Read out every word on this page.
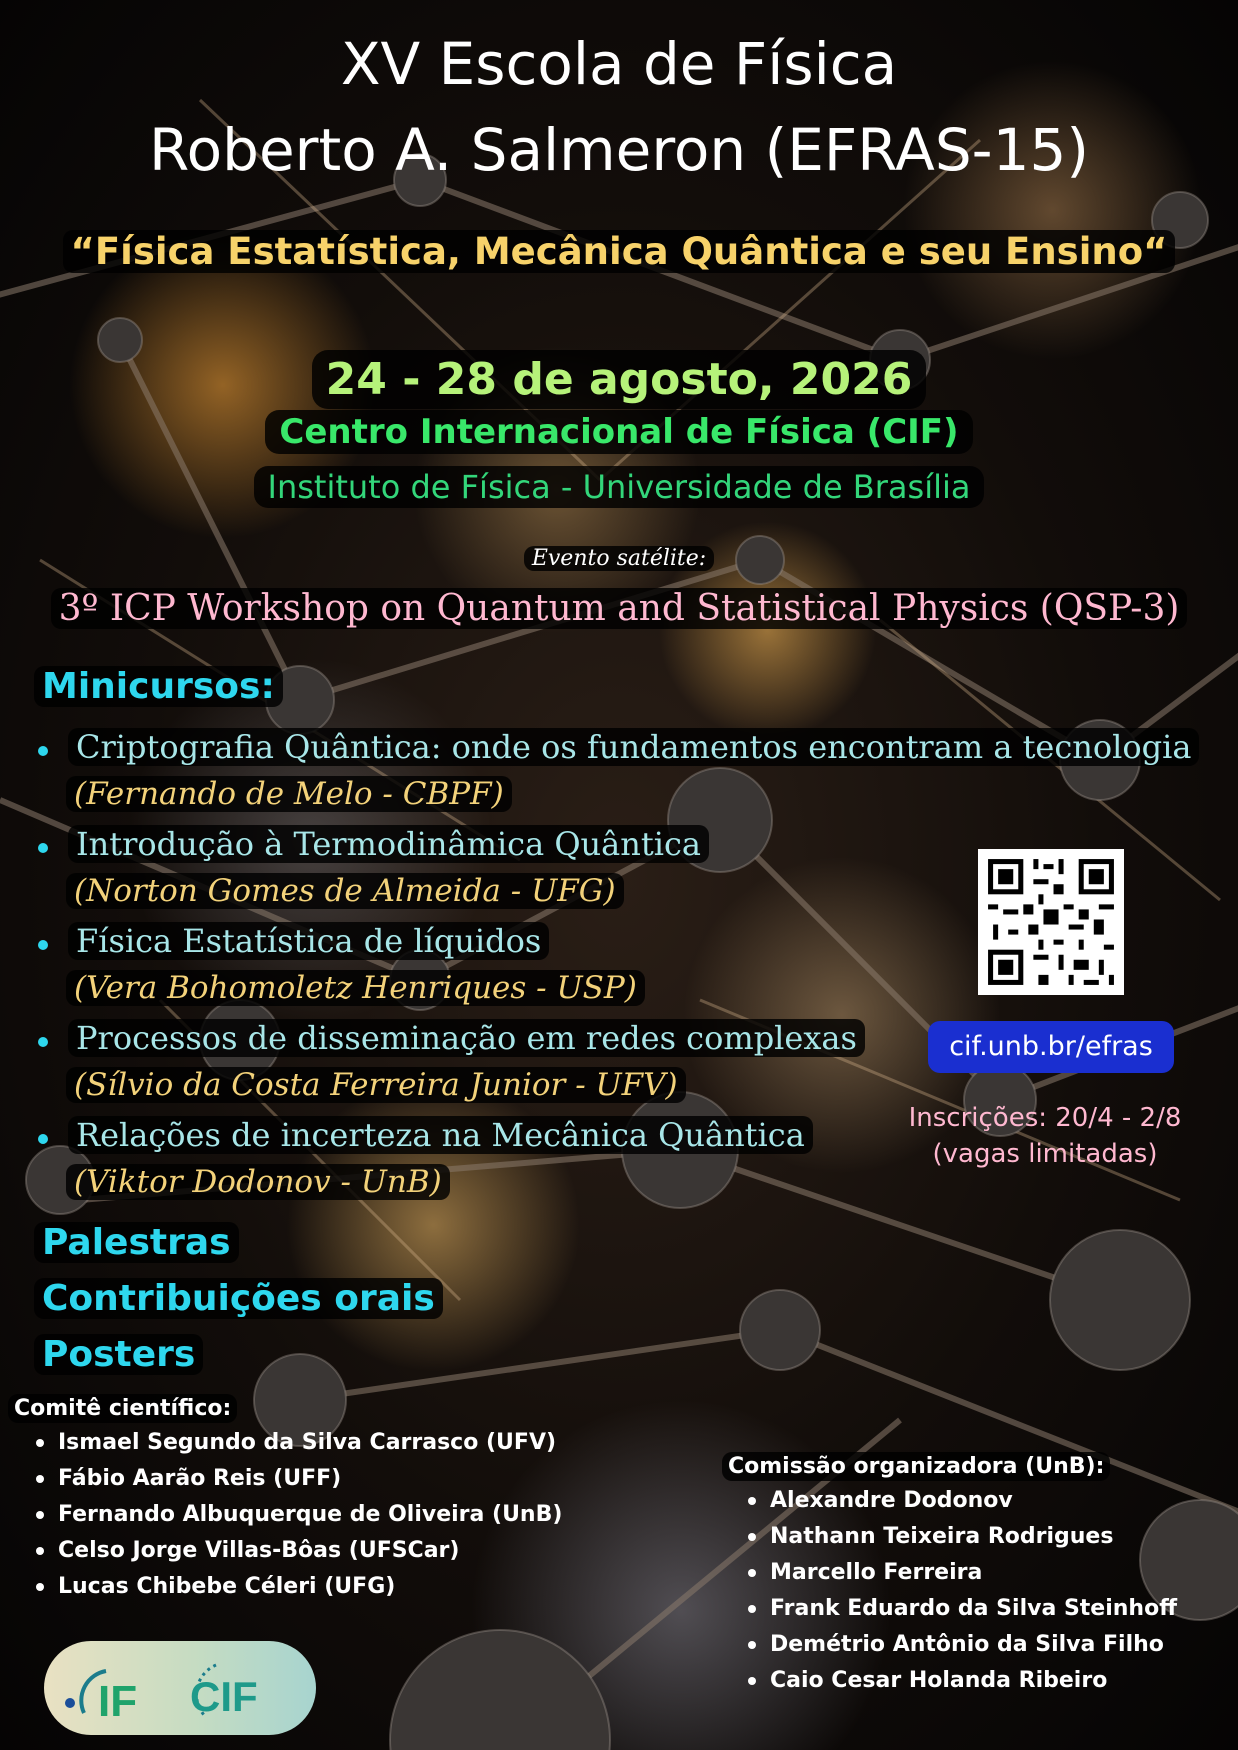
XV Escola de Física
Roberto A. Salmeron (EFRAS-15)
“Física Estatística, Mecânica Quântica e seu Ensino“
24 - 28 de agosto, 2026
Centro Internacional de Física (CIF)
Instituto de Física - Universidade de Brasília
Evento satélite:
3º ICP Workshop on Quantum and Statistical Physics (QSP-3)
Minicursos:
Criptografia Quântica: onde os fundamentos encontram a tecnologia
(Fernando de Melo - CBPF)
Introdução à Termodinâmica Quântica
(Norton Gomes de Almeida - UFG)
Física Estatística de líquidos
(Vera Bohomoletz Henriques - USP)
Processos de disseminação em redes complexas
(Sílvio da Costa Ferreira Junior - UFV)
Relações de incerteza na Mecânica Quântica
(Viktor Dodonov - UnB)
Palestras
Contribuições orais
Posters
cif.unb.br/efras
Inscrições: 20/4 - 2/8
(vagas limitadas)
Comitê científico:
Ismael Segundo da Silva Carrasco (UFV)
Fábio Aarão Reis (UFF)
Fernando Albuquerque de Oliveira (UnB)
Celso Jorge Villas-Bôas (UFSCar)
Lucas Chibebe Céleri (UFG)
Comissão organizadora (UnB):
Alexandre Dodonov
Nathann Teixeira Rodrigues
Marcello Ferreira
Frank Eduardo da Silva Steinhoff
Demétrio Antônio da Silva Filho
Caio Cesar Holanda Ribeiro
IF CIF
